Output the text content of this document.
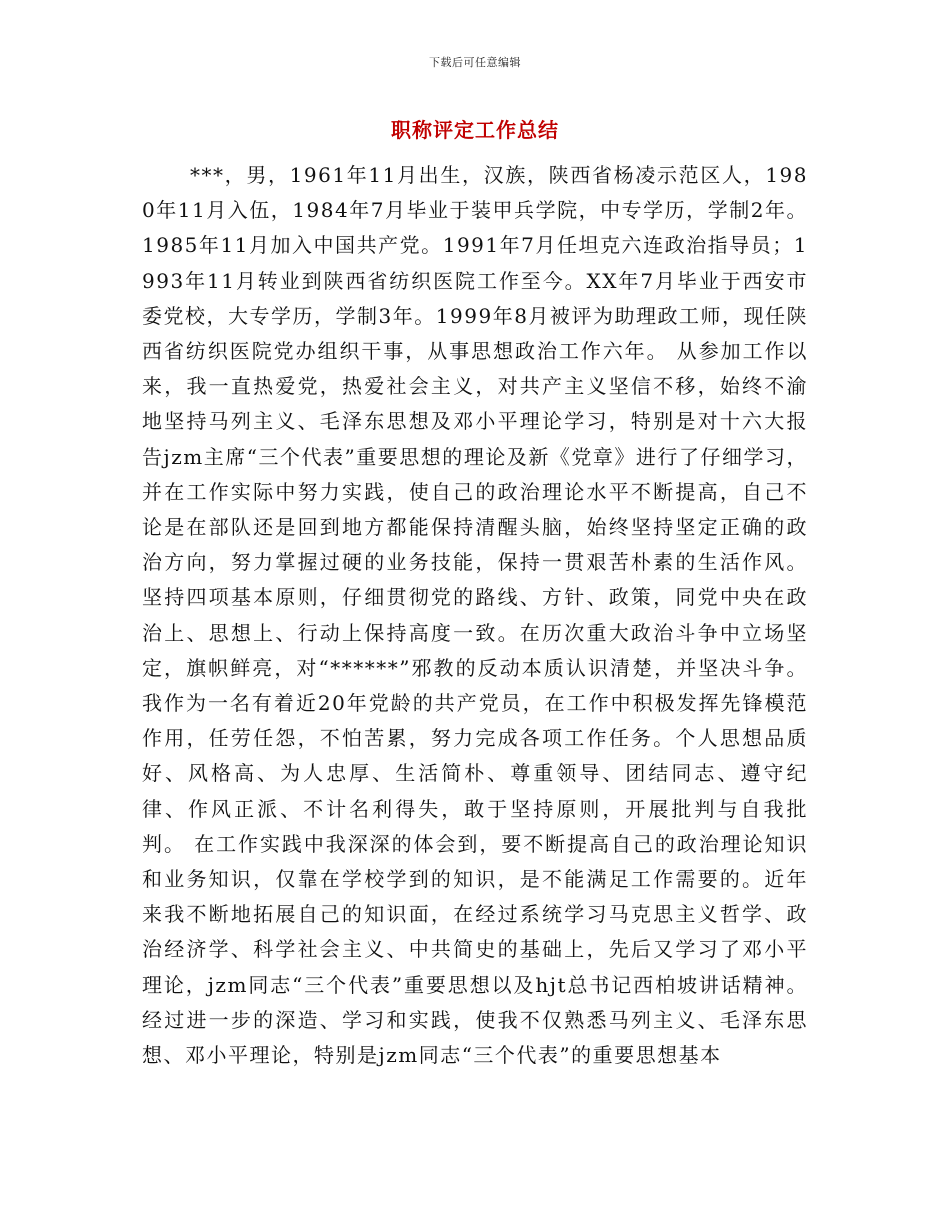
下载后可任意编辑
职称评定工作总结
***，男，1961年11月出生，汉族，陕西省杨凌示范区人，1980年11月入伍，1984年7月毕业于装甲兵学院，中专学历，学制2年。1985年11月加入中国共产党。1991年7月任坦克六连政治指导员；1993年11月转业到陕西省纺织医院工作至今。XX年7月毕业于西安市委党校，大专学历，学制3年。1999年8月被评为助理政工师，现任陕西省纺织医院党办组织干事，从事思想政治工作六年。 从参加工作以来，我一直热爱党，热爱社会主义，对共产主义坚信不移，始终不渝地坚持马列主义、毛泽东思想及邓小平理论学习，特别是对十六大报告jzm主席“三个代表”重要思想的理论及新《党章》进行了仔细学习，并在工作实际中努力实践，使自己的政治理论水平不断提高，自己不论是在部队还是回到地方都能保持清醒头脑，始终坚持坚定正确的政治方向，努力掌握过硬的业务技能，保持一贯艰苦朴素的生活作风。坚持四项基本原则，仔细贯彻党的路线、方针、政策，同党中央在政治上、思想上、行动上保持高度一致。在历次重大政治斗争中立场坚定，旗帜鲜亮，对“******”邪教的反动本质认识清楚，并坚决斗争。我作为一名有着近20年党龄的共产党员，在工作中积极发挥先锋模范作用，任劳任怨，不怕苦累，努力完成各项工作任务。个人思想品质好、风格高、为人忠厚、生活简朴、尊重领导、团结同志、遵守纪律、作风正派、不计名利得失，敢于坚持原则，开展批判与自我批判。 在工作实践中我深深的体会到，要不断提高自己的政治理论知识和业务知识，仅靠在学校学到的知识，是不能满足工作需要的。近年来我不断地拓展自己的知识面，在经过系统学习马克思主义哲学、政治经济学、科学社会主义、中共简史的基础上，先后又学习了邓小平理论，jzm同志“三个代表”重要思想以及hjt总书记西柏坡讲话精神。经过进一步的深造、学习和实践，使我不仅熟悉马列主义、毛泽东思想、邓小平理论，特别是jzm同志“三个代表”的重要思想基本
